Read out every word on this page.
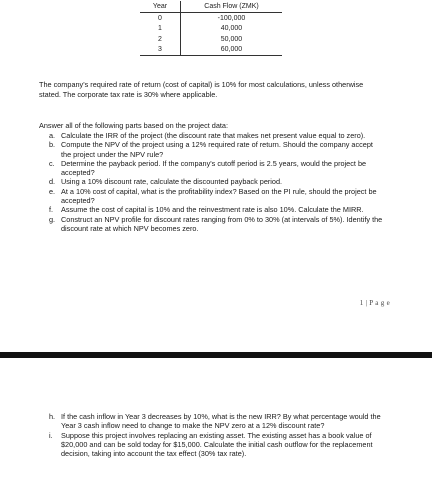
Year	Cash Flow (ZMK)
0	-100,000
1	40,000
2	50,000
3	60,000

The company's required rate of return (cost of capital) is 10% for most calculations, unless otherwise stated. The corporate tax rate is 30% where applicable.

Answer all of the following parts based on the project data:

a. Calculate the IRR of the project (the discount rate that makes net present value equal to zero).
b. Compute the NPV of the project using a 12% required rate of return. Should the company accept the project under the NPV rule?
c. Determine the payback period. If the company's cutoff period is 2.5 years, would the project be accepted?
d. Using a 10% discount rate, calculate the discounted payback period.
e. At a 10% cost of capital, what is the profitability index? Based on the PI rule, should the project be accepted?
f. Assume the cost of capital is 10% and the reinvestment rate is also 10%. Calculate the MIRR.
g. Construct an NPV profile for discount rates ranging from 0% to 30% (at intervals of 5%). Identify the discount rate at which NPV becomes zero.
1 | P a g e
h. If the cash inflow in Year 3 decreases by 10%, what is the new IRR? By what percentage would the Year 3 cash inflow need to change to make the NPV zero at a 12% discount rate?
i. Suppose this project involves replacing an existing asset. The existing asset has a book value of $20,000 and can be sold today for $15,000. Calculate the initial cash outflow for the replacement decision, taking into account the tax effect (30% tax rate).
